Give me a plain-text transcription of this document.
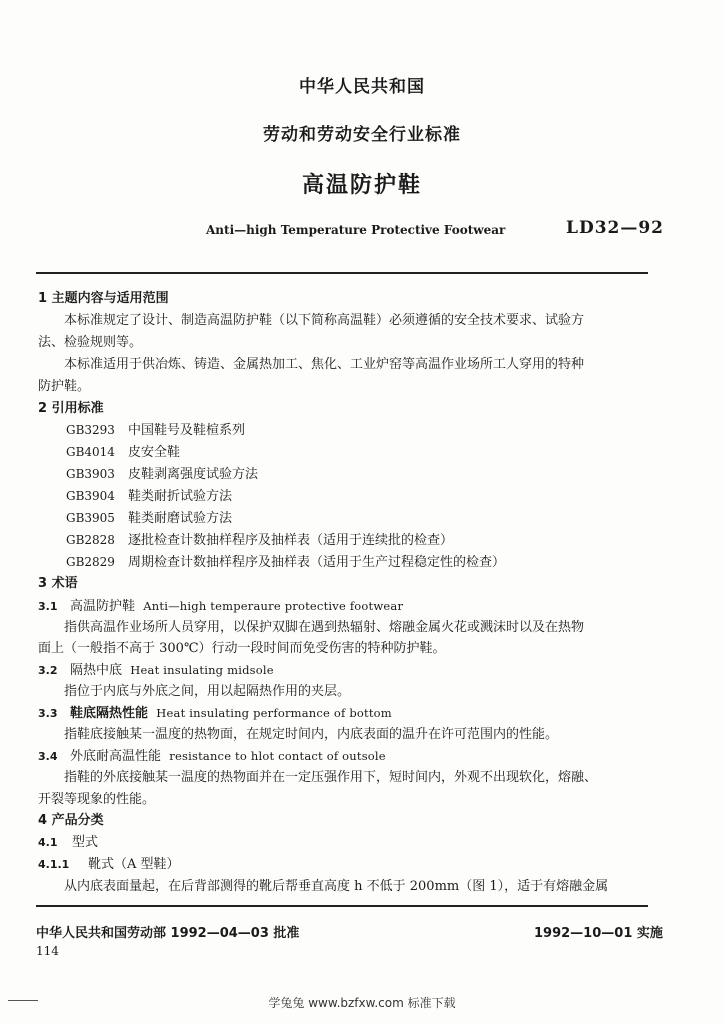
中华人民共和国
劳动和劳动安全行业标准
高温防护鞋
Anti—high Temperature Protective Footwear	LD32—92
1 主题内容与适用范围
本标准规定了设计、制造高温防护鞋（以下简称高温鞋）必须遵循的安全技术要求、试验方
法、检验规则等。
本标准适用于供冶炼、铸造、金属热加工、焦化、工业炉窑等高温作业场所工人穿用的特种
防护鞋。
2 引用标准
GB3293 中国鞋号及鞋楦系列
GB4014 皮安全鞋
GB3903 皮鞋剥离强度试验方法
GB3904 鞋类耐折试验方法
GB3905 鞋类耐磨试验方法
GB2828 逐批检查计数抽样程序及抽样表（适用于连续批的检查）
GB2829 周期检查计数抽样程序及抽样表（适用于生产过程稳定性的检查）
3 术语
3.1 高温防护鞋 Anti—high temperaure protective footwear
指供高温作业场所人员穿用，以保护双脚在遇到热辐射、熔融金属火花或溅沫时以及在热物
面上（一般指不高于 300℃）行动一段时间而免受伤害的特种防护鞋。
3.2 隔热中底 Heat insulating midsole
指位于内底与外底之间，用以起隔热作用的夹层。
3.3 鞋底隔热性能 Heat insulating performance of bottom
指鞋底接触某一温度的热物面，在规定时间内，内底表面的温升在许可范围内的性能。
3.4 外底耐高温性能 resistance to hlot contact of outsole
指鞋的外底接触某一温度的热物面并在一定压强作用下，短时间内，外观不出现软化，熔融、
开裂等现象的性能。
4 产品分类
4.1 型式
4.1.1 靴式（A 型鞋）
从内底表面量起，在后背部测得的靴后帮垂直高度 h 不低于 200mm（图 1），适于有熔融金属
中华人民共和国劳动部 1992—04—03 批准	1992—10—01 实施
114
学兔兔 www.bzfxw.com 标准下载
